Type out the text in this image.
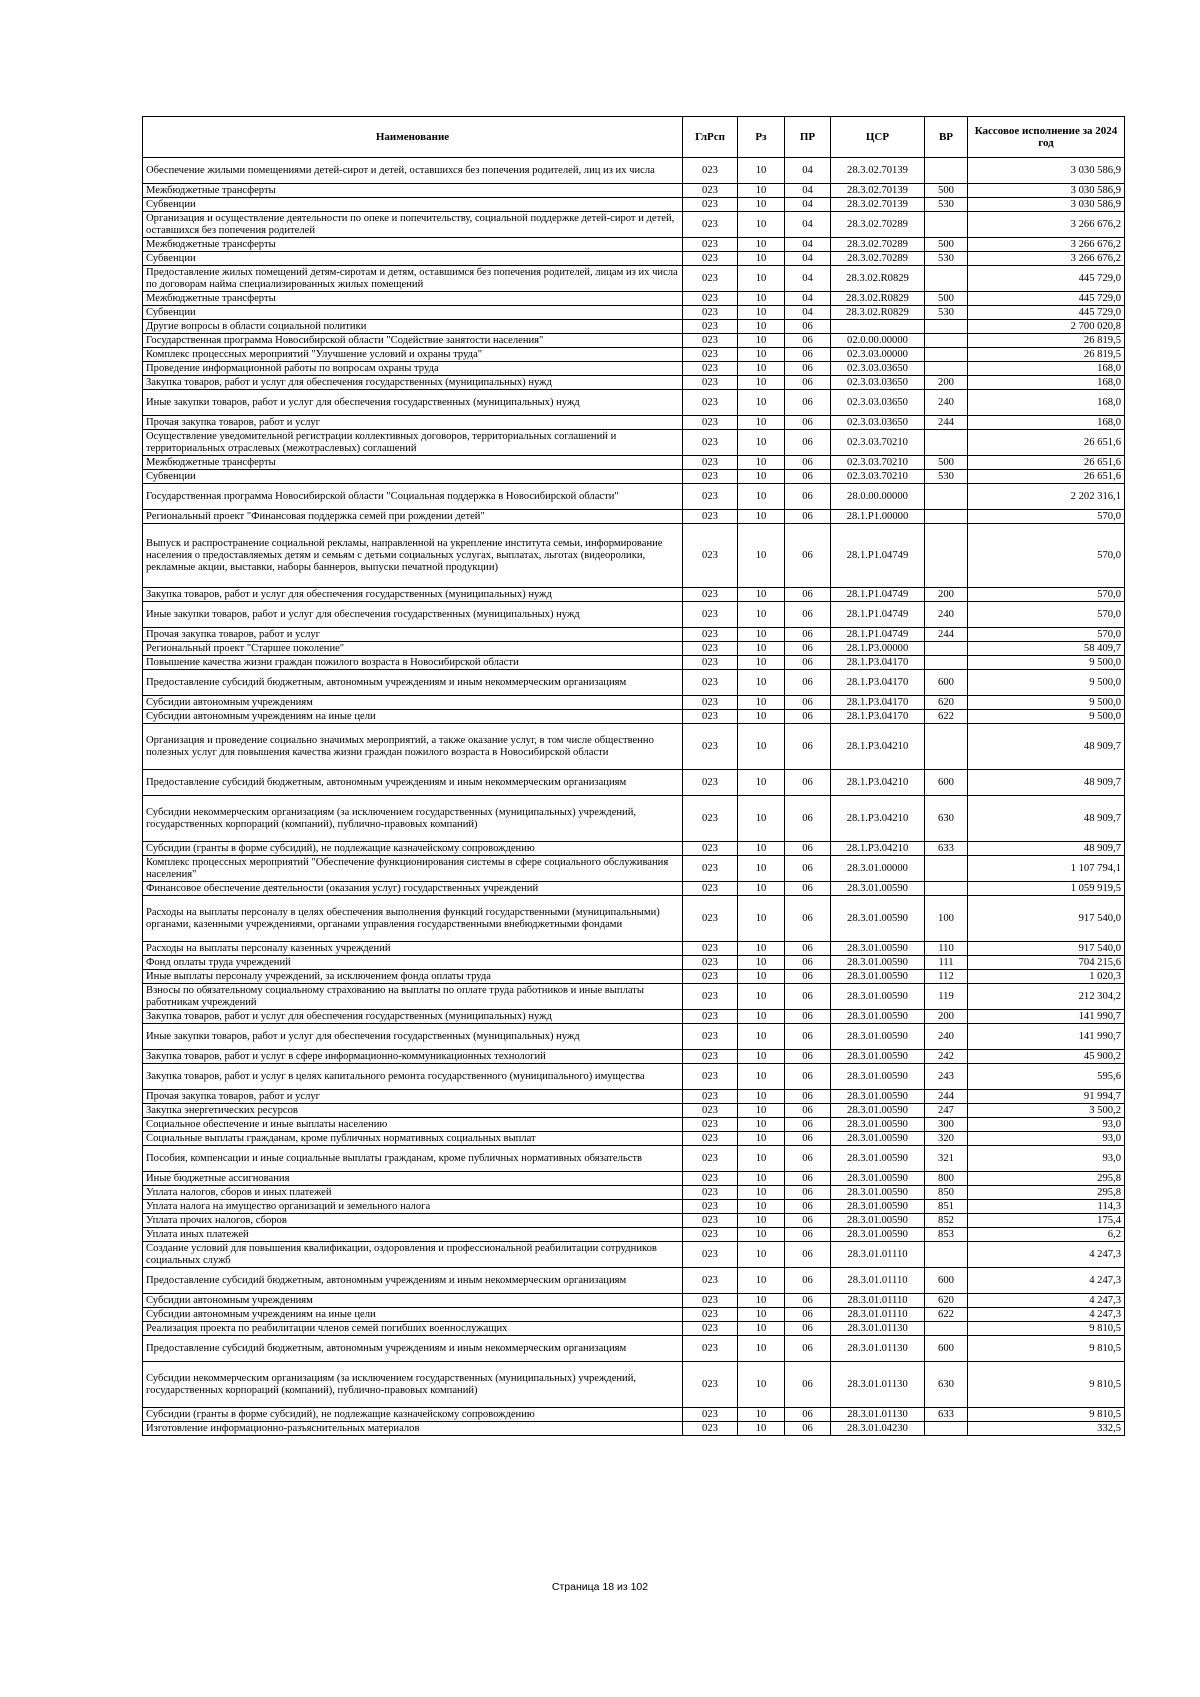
Наименование	ГлРсп	Рз	ПР	ЦСР	ВР	Кассовое исполнение за 2024 год
Обеспечение жилыми помещениями детей-сирот и детей, оставшихся без попечения родителей, лиц из их числа	023	10	04	28.3.02.70139		3 030 586,9
Межбюджетные трансферты	023	10	04	28.3.02.70139	500	3 030 586,9
Субвенции	023	10	04	28.3.02.70139	530	3 030 586,9
Организация и осуществление деятельности по опеке и попечительству, социальной поддержке детей-сирот и детей, оставшихся без попечения родителей	023	10	04	28.3.02.70289		3 266 676,2
Межбюджетные трансферты	023	10	04	28.3.02.70289	500	3 266 676,2
Субвенции	023	10	04	28.3.02.70289	530	3 266 676,2
Предоставление жилых помещений детям-сиротам и детям, оставшимся без попечения родителей, лицам из их числа по договорам найма специализированных жилых помещений	023	10	04	28.3.02.R0829		445 729,0
Межбюджетные трансферты	023	10	04	28.3.02.R0829	500	445 729,0
Субвенции	023	10	04	28.3.02.R0829	530	445 729,0
Другие вопросы в области социальной политики	023	10	06			2 700 020,8
Государственная программа Новосибирской области "Содействие занятости населения"	023	10	06	02.0.00.00000		26 819,5
Комплекс процессных мероприятий "Улучшение условий и охраны труда"	023	10	06	02.3.03.00000		26 819,5
Проведение информационной работы по вопросам охраны труда	023	10	06	02.3.03.03650		168,0
Закупка товаров, работ и услуг для обеспечения государственных (муниципальных) нужд	023	10	06	02.3.03.03650	200	168,0
Иные закупки товаров, работ и услуг для обеспечения государственных (муниципальных) нужд	023	10	06	02.3.03.03650	240	168,0
Прочая закупка товаров, работ и услуг	023	10	06	02.3.03.03650	244	168,0
Осуществление уведомительной регистрации коллективных договоров, территориальных соглашений и территориальных отраслевых (межотраслевых) соглашений	023	10	06	02.3.03.70210		26 651,6
Межбюджетные трансферты	023	10	06	02.3.03.70210	500	26 651,6
Субвенции	023	10	06	02.3.03.70210	530	26 651,6
Государственная программа Новосибирской области "Социальная поддержка в Новосибирской области"	023	10	06	28.0.00.00000		2 202 316,1
Региональный проект "Финансовая поддержка семей при рождении детей"	023	10	06	28.1.P1.00000		570,0
Выпуск и распространение социальной рекламы, направленной на укрепление института семьи, информирование населения о предоставляемых детям и семьям с детьми социальных услугах, выплатах, льготах (видеоролики, рекламные акции, выставки, наборы баннеров, выпуски печатной продукции)	023	10	06	28.1.P1.04749		570,0
Закупка товаров, работ и услуг для обеспечения государственных (муниципальных) нужд	023	10	06	28.1.P1.04749	200	570,0
Иные закупки товаров, работ и услуг для обеспечения государственных (муниципальных) нужд	023	10	06	28.1.P1.04749	240	570,0
Прочая закупка товаров, работ и услуг	023	10	06	28.1.P1.04749	244	570,0
Региональный проект "Старшее поколение"	023	10	06	28.1.P3.00000		58 409,7
Повышение качества жизни граждан пожилого возраста в Новосибирской области	023	10	06	28.1.P3.04170		9 500,0
Предоставление субсидий бюджетным, автономным учреждениям и иным некоммерческим организациям	023	10	06	28.1.P3.04170	600	9 500,0
Субсидии автономным учреждениям	023	10	06	28.1.P3.04170	620	9 500,0
Субсидии автономным учреждениям на иные цели	023	10	06	28.1.P3.04170	622	9 500,0
Организация и проведение социально значимых мероприятий, а также оказание услуг, в том числе общественно полезных услуг для повышения качества жизни граждан пожилого возраста в Новосибирской области	023	10	06	28.1.P3.04210		48 909,7
Предоставление субсидий бюджетным, автономным учреждениям и иным некоммерческим организациям	023	10	06	28.1.P3.04210	600	48 909,7
Субсидии некоммерческим организациям (за исключением государственных (муниципальных) учреждений, государственных корпораций (компаний), публично-правовых компаний)	023	10	06	28.1.P3.04210	630	48 909,7
Субсидии (гранты в форме субсидий), не подлежащие казначейскому сопровождению	023	10	06	28.1.P3.04210	633	48 909,7
Комплекс процессных мероприятий "Обеспечение функционирования системы в сфере социального обслуживания населения"	023	10	06	28.3.01.00000		1 107 794,1
Финансовое обеспечение деятельности (оказания услуг) государственных учреждений	023	10	06	28.3.01.00590		1 059 919,5
Расходы на выплаты персоналу в целях обеспечения выполнения функций государственными (муниципальными) органами, казенными учреждениями, органами управления государственными внебюджетными фондами	023	10	06	28.3.01.00590	100	917 540,0
Расходы на выплаты персоналу казенных учреждений	023	10	06	28.3.01.00590	110	917 540,0
Фонд оплаты труда учреждений	023	10	06	28.3.01.00590	111	704 215,6
Иные выплаты персоналу учреждений, за исключением фонда оплаты труда	023	10	06	28.3.01.00590	112	1 020,3
Взносы по обязательному социальному страхованию на выплаты по оплате труда работников и иные выплаты работникам учреждений	023	10	06	28.3.01.00590	119	212 304,2
Закупка товаров, работ и услуг для обеспечения государственных (муниципальных) нужд	023	10	06	28.3.01.00590	200	141 990,7
Иные закупки товаров, работ и услуг для обеспечения государственных (муниципальных) нужд	023	10	06	28.3.01.00590	240	141 990,7
Закупка товаров, работ и услуг в сфере информационно-коммуникационных технологий	023	10	06	28.3.01.00590	242	45 900,2
Закупка товаров, работ и услуг в целях капитального ремонта государственного (муниципального) имущества	023	10	06	28.3.01.00590	243	595,6
Прочая закупка товаров, работ и услуг	023	10	06	28.3.01.00590	244	91 994,7
Закупка энергетических ресурсов	023	10	06	28.3.01.00590	247	3 500,2
Социальное обеспечение и иные выплаты населению	023	10	06	28.3.01.00590	300	93,0
Социальные выплаты гражданам, кроме публичных нормативных социальных выплат	023	10	06	28.3.01.00590	320	93,0
Пособия, компенсации и иные социальные выплаты гражданам, кроме публичных нормативных обязательств	023	10	06	28.3.01.00590	321	93,0
Иные бюджетные ассигнования	023	10	06	28.3.01.00590	800	295,8
Уплата налогов, сборов и иных платежей	023	10	06	28.3.01.00590	850	295,8
Уплата налога на имущество организаций и земельного налога	023	10	06	28.3.01.00590	851	114,3
Уплата прочих налогов, сборов	023	10	06	28.3.01.00590	852	175,4
Уплата иных платежей	023	10	06	28.3.01.00590	853	6,2
Создание условий для повышения квалификации, оздоровления и профессиональной реабилитации сотрудников социальных служб	023	10	06	28.3.01.01110		4 247,3
Предоставление субсидий бюджетным, автономным учреждениям и иным некоммерческим организациям	023	10	06	28.3.01.01110	600	4 247,3
Субсидии автономным учреждениям	023	10	06	28.3.01.01110	620	4 247,3
Субсидии автономным учреждениям на иные цели	023	10	06	28.3.01.01110	622	4 247,3
Реализация проекта по реабилитации членов семей погибших военнослужащих	023	10	06	28.3.01.01130		9 810,5
Предоставление субсидий бюджетным, автономным учреждениям и иным некоммерческим организациям	023	10	06	28.3.01.01130	600	9 810,5
Субсидии некоммерческим организациям (за исключением государственных (муниципальных) учреждений, государственных корпораций (компаний), публично-правовых компаний)	023	10	06	28.3.01.01130	630	9 810,5
Субсидии (гранты в форме субсидий), не подлежащие казначейскому сопровождению	023	10	06	28.3.01.01130	633	9 810,5
Изготовление информационно-разъяснительных материалов	023	10	06	28.3.01.04230		332,5
Страница 18 из 102
